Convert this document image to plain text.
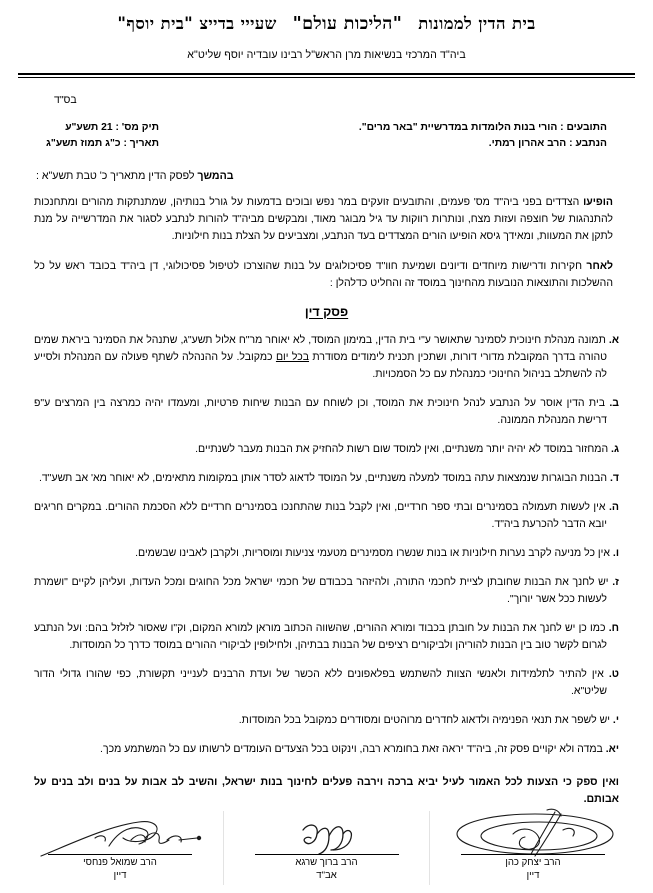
בית הדין לממונות"הליכות עולם"שעייי בדייצ "בית יוסף"
ביה"ד המרכזי בנשיאות מרן הראש"ל רבינו עובדיה יוסף שליט"א
בס"ד
התובעים : הורי בנות הלומדות במדרשיית "באר מרים".
הנתבע : הרב אהרון רמתי.
תיק מס' : 21 תשע"ע
תאריך : כ"ג תמוז תשע"ג
בהמשך לפסק הדין מתאריך כ' טבת תשע"א :

הופיעו הצדדים בפני ביה"ד מס' פעמים, והתובעים זועקים במר נפש ובוכים בדמעות על גורל בנותיהן, שמתנתקות מהורים ומתחנכות להתנהגות של חוצפה ועזות מצח, ונותרות רווקות עד גיל מבוגר מאוד, ומבקשים מביה"ד להורות לנתבע לסגור את המדרשייה על מנת לתקן את המעוות, ומאידך גיסא הופיעו הורים המצדדים בעד הנתבע, ומצביעים על הצלת בנות חילוניות.

לאחר חקירות ודרישות מיוחדים ודיונים ושמיעת חוו"ד פסיכולוגים על בנות שהוצרכו לטיפול פסיכולוגי, דן ביה"ד בכובד ראש על כל ההשלכות והתוצאות הנובעות מהחינוך במוסד זה והחליט כדלהלן :

פסק דין
א. תמונה מנהלת חינוכית לסמינר שתאושר ע"י בית הדין, במימון המוסד, לא יאוחר מר"ח אלול תשע"ג, שתנהל את הסמינר ביראת שמים טהורה בדרך המקובלת מדורי דורות, ושתכין תכנית לימודים מסודרת בכל יום כמקובל. על ההנהלה לשתף פעולה עם המנהלת ולסייע לה להשתלב בניהול החינוכי כמנהלת עם כל הסמכויות.
ב. בית הדין אוסר על הנתבע לנהל חינוכית את המוסד, וכן לשוחח עם הבנות שיחות פרטיות, ומעמדו יהיה כמרצה בין המרצים ע"פ דרישת המנהלת הממונה.
ג. המחזור במוסד לא יהיה יותר משנתיים, ואין למוסד שום רשות להחזיק את הבנות מעבר לשנתיים.
ד. הבנות הבוגרות שנמצאות עתה במוסד למעלה משנתיים, על המוסד לדאוג לסדר אותן במקומות מתאימים, לא יאוחר מא' אב תשע"ד.
ה. אין לעשות תעמולה בסמינרים ובתי ספר חרדיים, ואין לקבל בנות שהתחנכו בסמינרים חרדיים ללא הסכמת ההורים. במקרים חריגים יובא הדבר להכרעת ביה"ד.
ו. אין כל מניעה לקרב נערות חילוניות או בנות שנשרו מסמינרים מטעמי צניעות ומוסריות, ולקרבן לאבינו שבשמים.
ז. יש לחנך את הבנות שחובתן לציית לחכמי התורה, ולהיזהר בכבודם של חכמי ישראל מכל החוגים ומכל העדות, ועליהן לקיים "ושמרת לעשות ככל אשר יורוך".
ח. כמו כן יש לחנך את הבנות על חובתן בכבוד ומורא ההורים, שהשווה הכתוב מוראן למורא המקום, וק"ו שאסור לזלזל בהם: ועל הנתבע לגרום לקשר טוב בין הבנות להוריהן ולביקורים רציפים של הבנות בבתיהן, ולחילופין לביקורי ההורים במוסד כדרך כל המוסדות.
ט. אין להתיר לתלמידות ולאנשי הצוות להשתמש בפלאפונים ללא הכשר של ועדת הרבנים לענייני תקשורת, כפי שהורו גדולי הדור שליט"א.
י. יש לשפר את תנאי הפנימיה ולדאוג לחדרים מרוהטים ומסודרים כמקובל בכל המוסדות.
יא. במדה ולא יקויים פסק זה, ביה"ד יראה זאת בחומרא רבה, וינקוט בכל הצעדים העומדים לרשותו עם כל המשתמע מכך.

ואין ספק כי הצעות לכל האמור לעיל יביא ברכה וירבה פעלים לחינוך בנות ישראל, והשיב לב אבות על בנים ולב בנים על אבותם.

הרב שמואל פנחסי
דיין
הרב ברוך שרגא
אב"ד
הרב יצחק כהן
דיין
